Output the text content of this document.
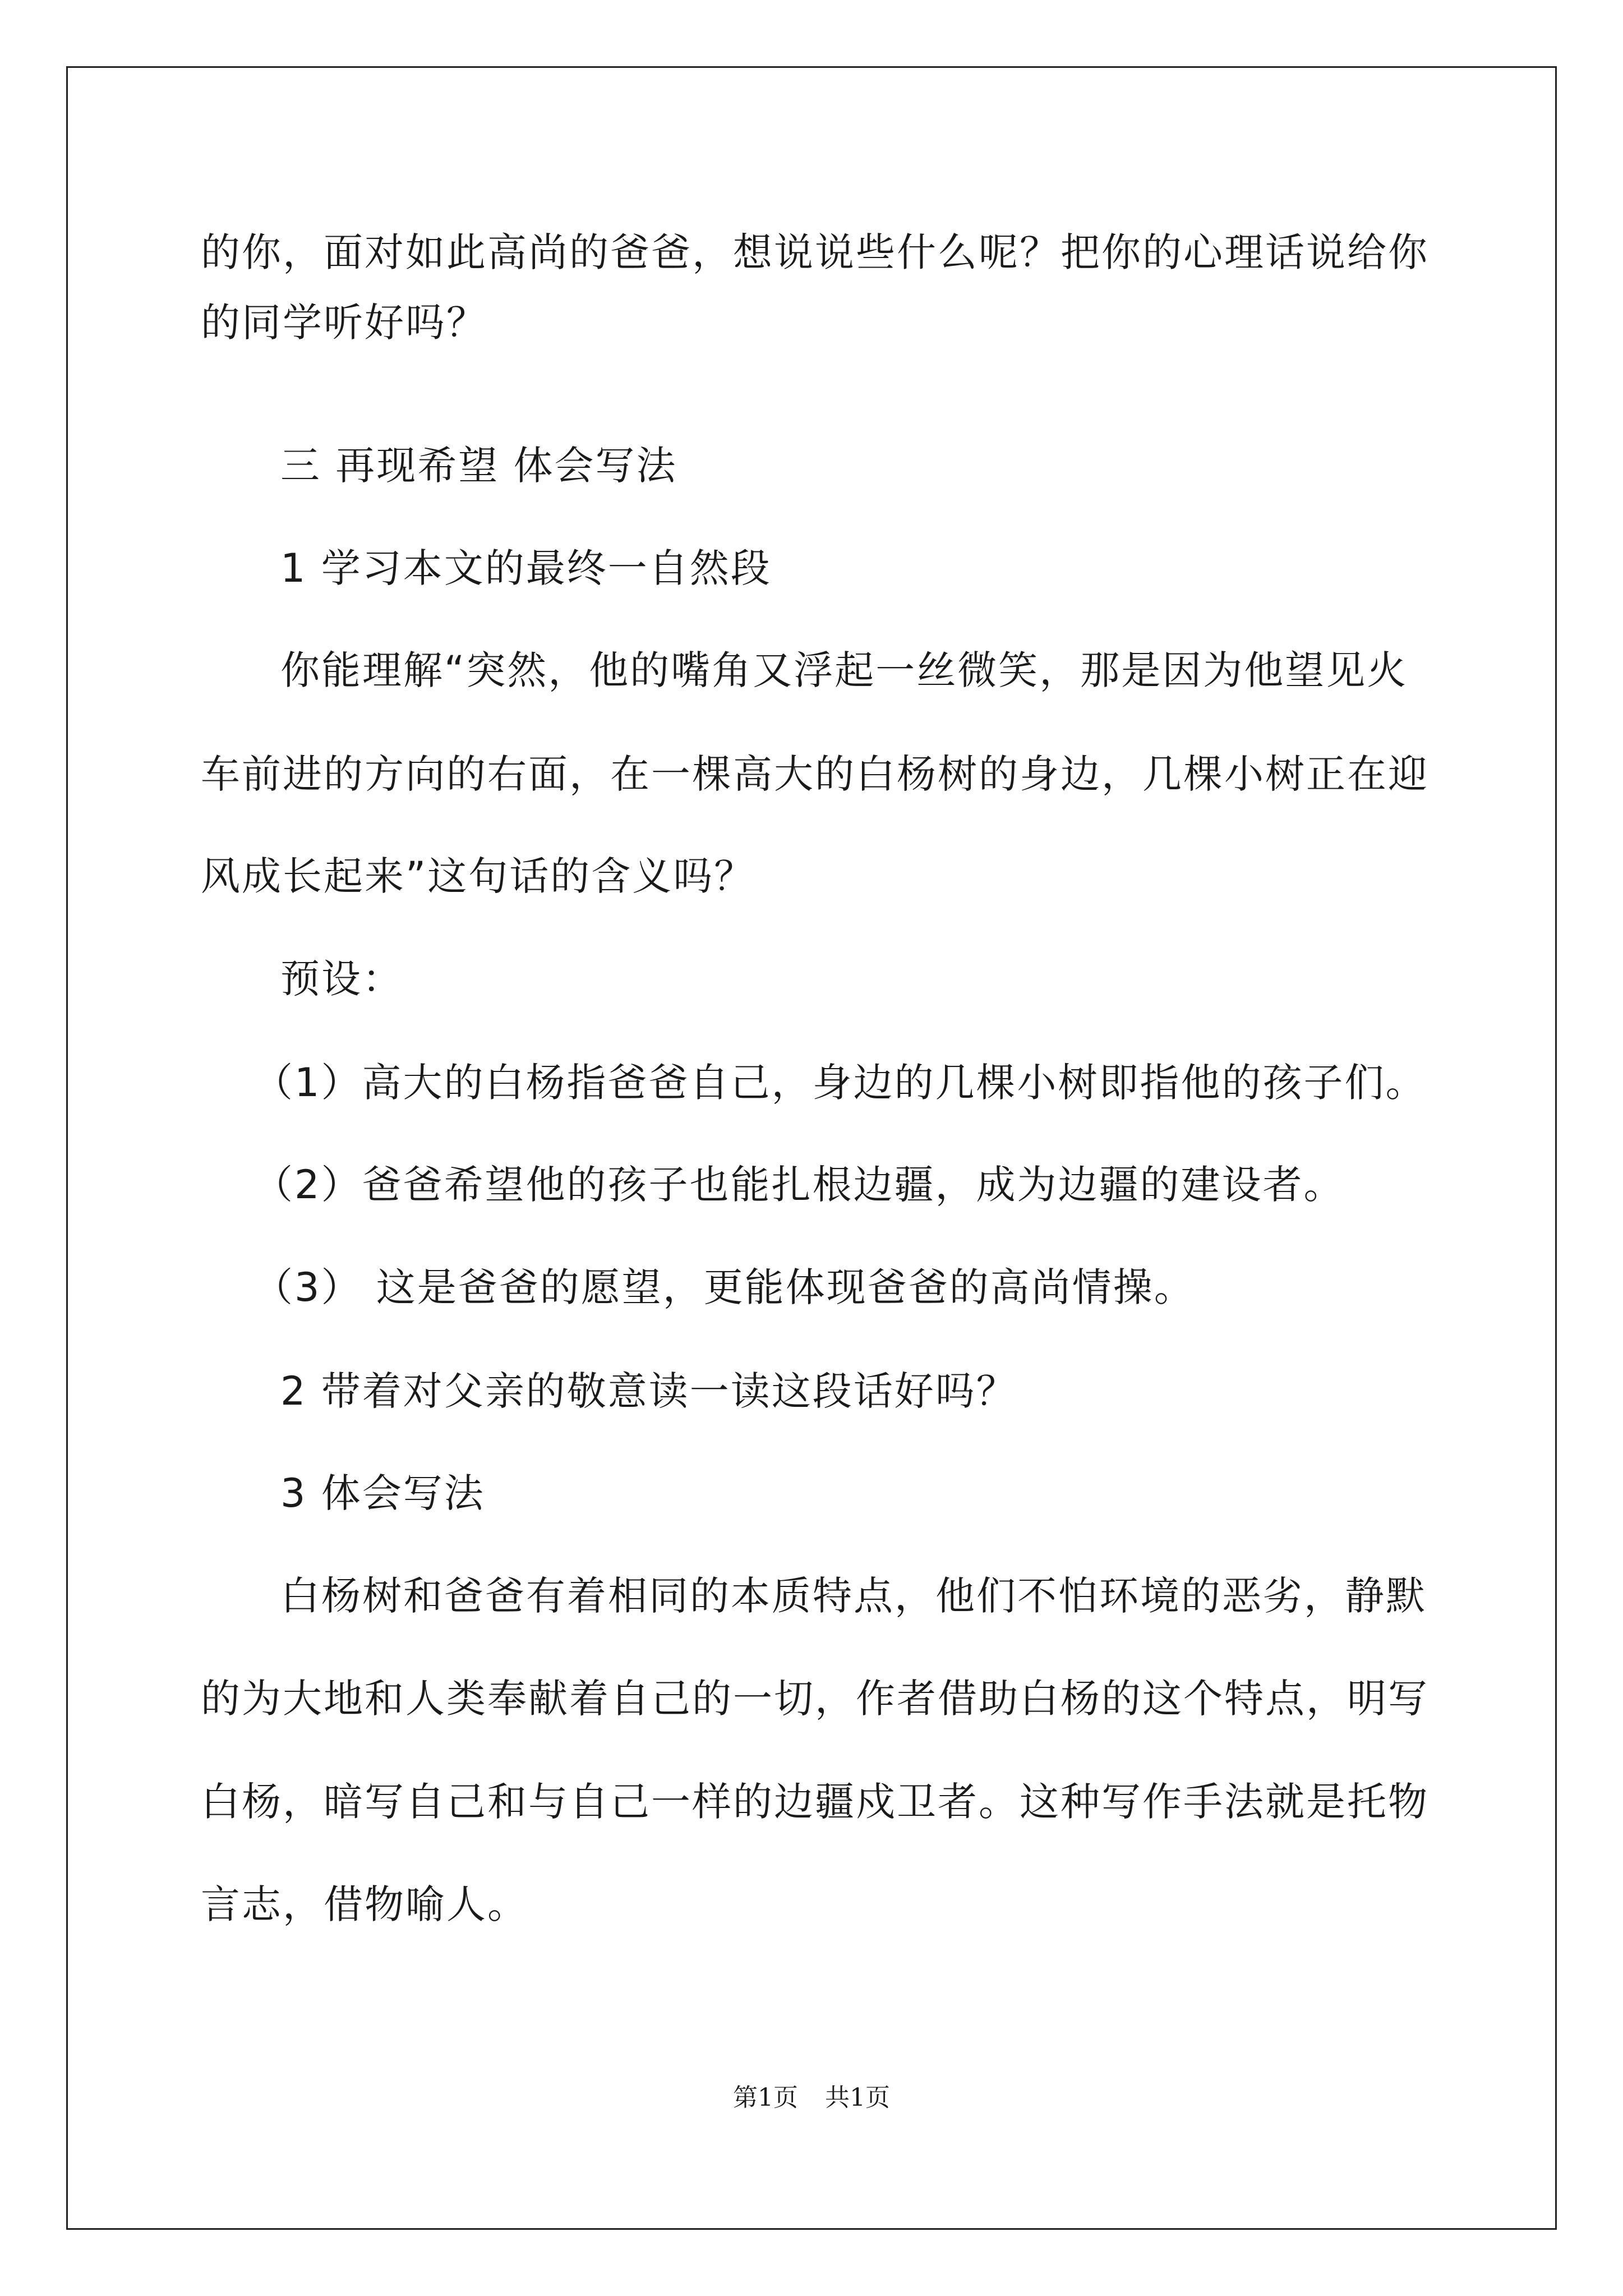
的你，面对如此高尚的爸爸，想说说些什么呢？把你的心理话说给你
的同学听好吗？
三 再现希望 体会写法
1 学习本文的最终一自然段
你能理解“突然，他的嘴角又浮起一丝微笑，那是因为他望见火
车前进的方向的右面，在一棵高大的白杨树的身边，几棵小树正在迎
风成长起来”这句话的含义吗？
预设：
（1）高大的白杨指爸爸自己，身边的几棵小树即指他的孩子们。
（2）爸爸希望他的孩子也能扎根边疆，成为边疆的建设者。
（3） 这是爸爸的愿望，更能体现爸爸的高尚情操。
2 带着对父亲的敬意读一读这段话好吗？
3 体会写法
白杨树和爸爸有着相同的本质特点，他们不怕环境的恶劣，静默
的为大地和人类奉献着自己的一切，作者借助白杨的这个特点，明写
白杨，暗写自己和与自己一样的边疆戍卫者。这种写作手法就是托物
言志，借物喻人。
第1页 共1页
